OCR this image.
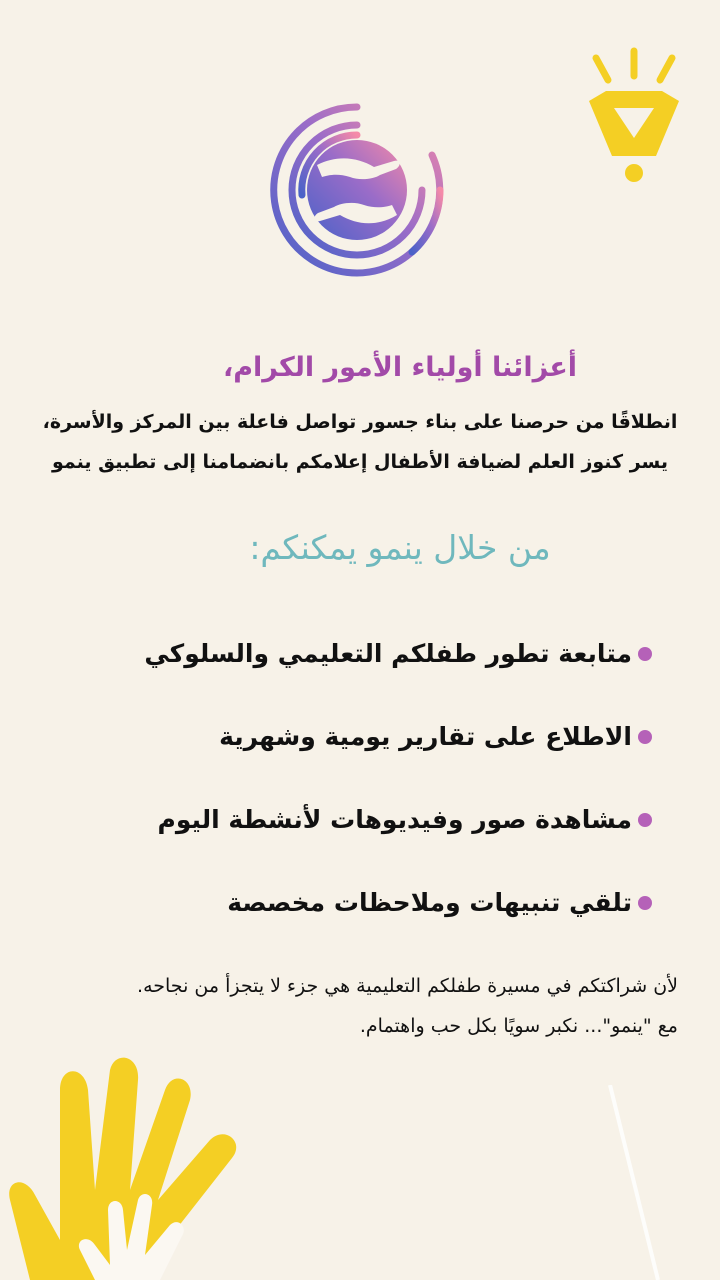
أعزائنا أولياء الأمور الكرام،
انطلاقًا من حرصنا على بناء جسور تواصل فاعلة بين المركز والأسرة،
يسر كنوز العلم لضيافة الأطفال إعلامكم بانضمامنا إلى تطبيق ينمو
من خلال ينمو يمكنكم:
متابعة تطور طفلكم التعليمي والسلوكي
الاطلاع على تقارير يومية وشهرية
مشاهدة صور وفيديوهات لأنشطة اليوم
تلقي تنبيهات وملاحظات مخصصة
لأن شراكتكم في مسيرة طفلكم التعليمية هي جزء لا يتجزأ من نجاحه.
مع "ينمو"... نكبر سويًا بكل حب واهتمام.
